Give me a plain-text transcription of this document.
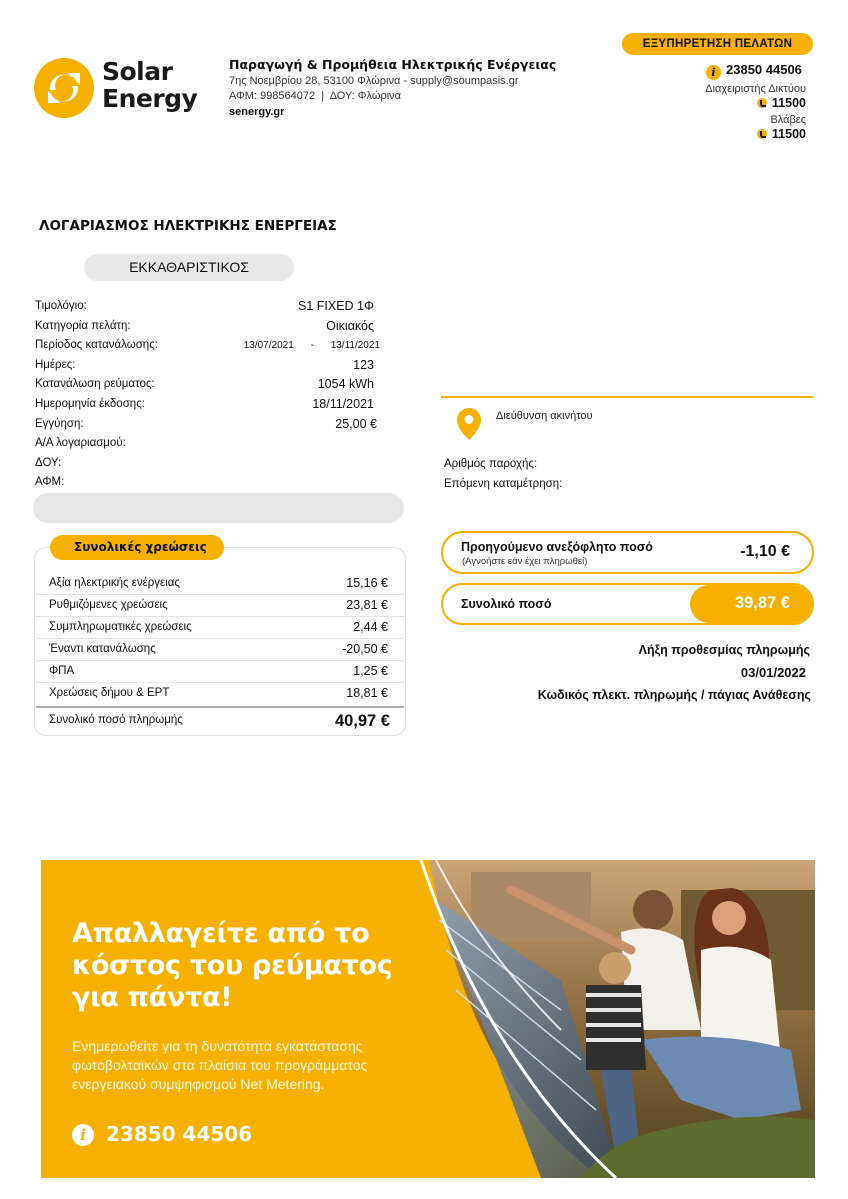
Solar
Energy
Παραγωγή & Προμήθεια Ηλεκτρικής Ενέργειας
7ης Νοεμβρίου 28, 53100 Φλώρινα - supply@soumpasis.gr
ΑΦΜ: 998564072  |  ΔΟΥ: Φλώρινα
senergy.gr
ΕΞΥΠΗΡΕΤΗΣΗ ΠΕΛΑΤΩΝ
i 23850 44506
Διαχειριστής Δικτύου
11500
Βλάβες
11500
ΛΟΓΑΡΙΑΣΜΟΣ ΗΛΕΚΤΡΙΚΗΣ ΕΝΕΡΓΕΙΑΣ
ΕΚΚΑΘΑΡΙΣΤΙΚΟΣ
Τιμολόγιο:	S1 FIXED 1Φ
Κατηγορία πελάτη:	Οικιακός
Περίοδος κατανάλωσης:	13/07/2021 - 13/11/2021
Ημέρες:	123
Κατανάλωση ρεύματος:	1054 kWh
Ημερομηνία έκδοσης:	18/11/2021
Εγγύηση:	25,00 €
Α/Α λογαριασμού:
ΔΟΥ:
ΑΦΜ:
Συνολικές χρεώσεις
Αξία ηλεκτρικής ενέργειας	15,16 €
Ρυθμιζόμενες χρεώσεις	23,81 €
Συμπληρωματικές χρεώσεις	2,44 €
Έναντι κατανάλωσης	-20,50 €
ΦΠΑ	1,25 €
Χρεώσεις δήμου & ΕΡΤ	18,81 €
Συνολικό ποσό πληρωμής	40,97 €
Διεύθυνση ακινήτου
Αριθμός παροχής:
Επόμενη καταμέτρηση:
Προηγούμενο ανεξόφλητο ποσό
(Αγνοήστε εάν έχει πληρωθεί)
-1,10 €
Συνολικό ποσό	39,87 €
Λήξη προθεσμίας πληρωμής
03/01/2022
Κωδικός πλεκτ. πληρωμής / πάγιας Ανάθεσης
Απαλλαγείτε από το κόστος του ρεύματος για πάντα!
Ενημερωθείτε για τη δυνατότητα εγκατάστασης φωτοβολταϊκών στα πλαίσια του προγράμματος ενεργειακού συμψηφισμού Net Metering.
i 23850 44506
